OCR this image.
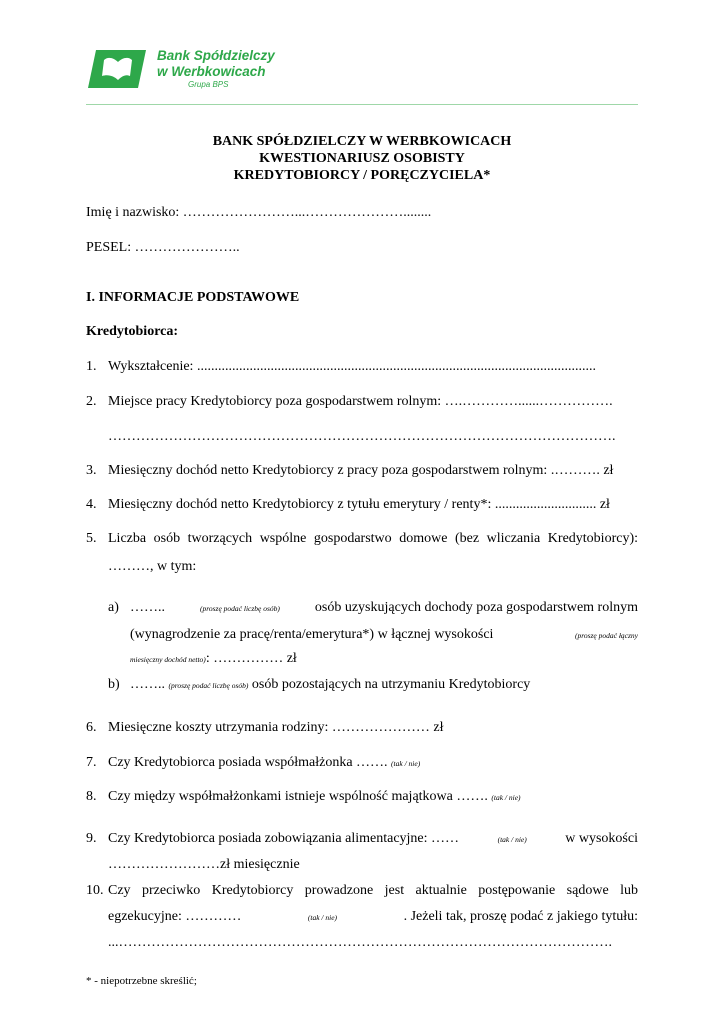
Bank Spółdzielczy
w Werbkowicach
Grupa BPS
BANK SPÓŁDZIELCZY W WERBKOWICACH
KWESTIONARIUSZ OSOBISTY
KREDYTOBIORCY / PORĘCZYCIELA*
Imię i nazwisko: ……………………...…………………........
PESEL: …………………..
I. INFORMACJE PODSTAWOWE
Kredytobiorca:
1. Wykształcenie: ..................................................................................................................
2. Miejsce pracy Kredytobiorcy poza gospodarstwem rolnym: ….…………......…………….
……………………………………………………………………………………………….
3. Miesięczny dochód netto Kredytobiorcy z pracy poza gospodarstwem rolnym: .………. zł
4. Miesięczny dochód netto Kredytobiorcy z tytułu emerytury / renty*: ............................. zł
5. Liczba osób tworzących wspólne gospodarstwo domowe (bez wliczania Kredytobiorcy):
………, w tym:
a) ……..	(proszę podać liczbę osób) osób uzyskujących dochody poza gospodarstwem rolnym
(wynagrodzenie za pracę/renta/emerytura*) w łącznej wysokości	(proszę podać łączny
miesięczny dochód netto): …………… zł
b) …….. (proszę podać liczbę osób) osób pozostających na utrzymaniu Kredytobiorcy
6. Miesięczne koszty utrzymania rodziny: ………………… zł
7. Czy Kredytobiorca posiada współmałżonka ……. (tak / nie)
8. Czy między współmałżonkami istnieje wspólność majątkowa ……. (tak / nie)
9. Czy Kredytobiorca posiada zobowiązania alimentacyjne: ……	(tak / nie)	w wysokości
……………………zł miesięcznie
10. Czy przeciwko Kredytobiorcy prowadzone jest aktualnie postępowanie sądowe lub
egzekucyjne: …………	(tak / nie)	. Jeżeli tak, proszę podać z jakiego tytułu:
...…………………………………………………………………………………………….
* - niepotrzebne skreślić;
